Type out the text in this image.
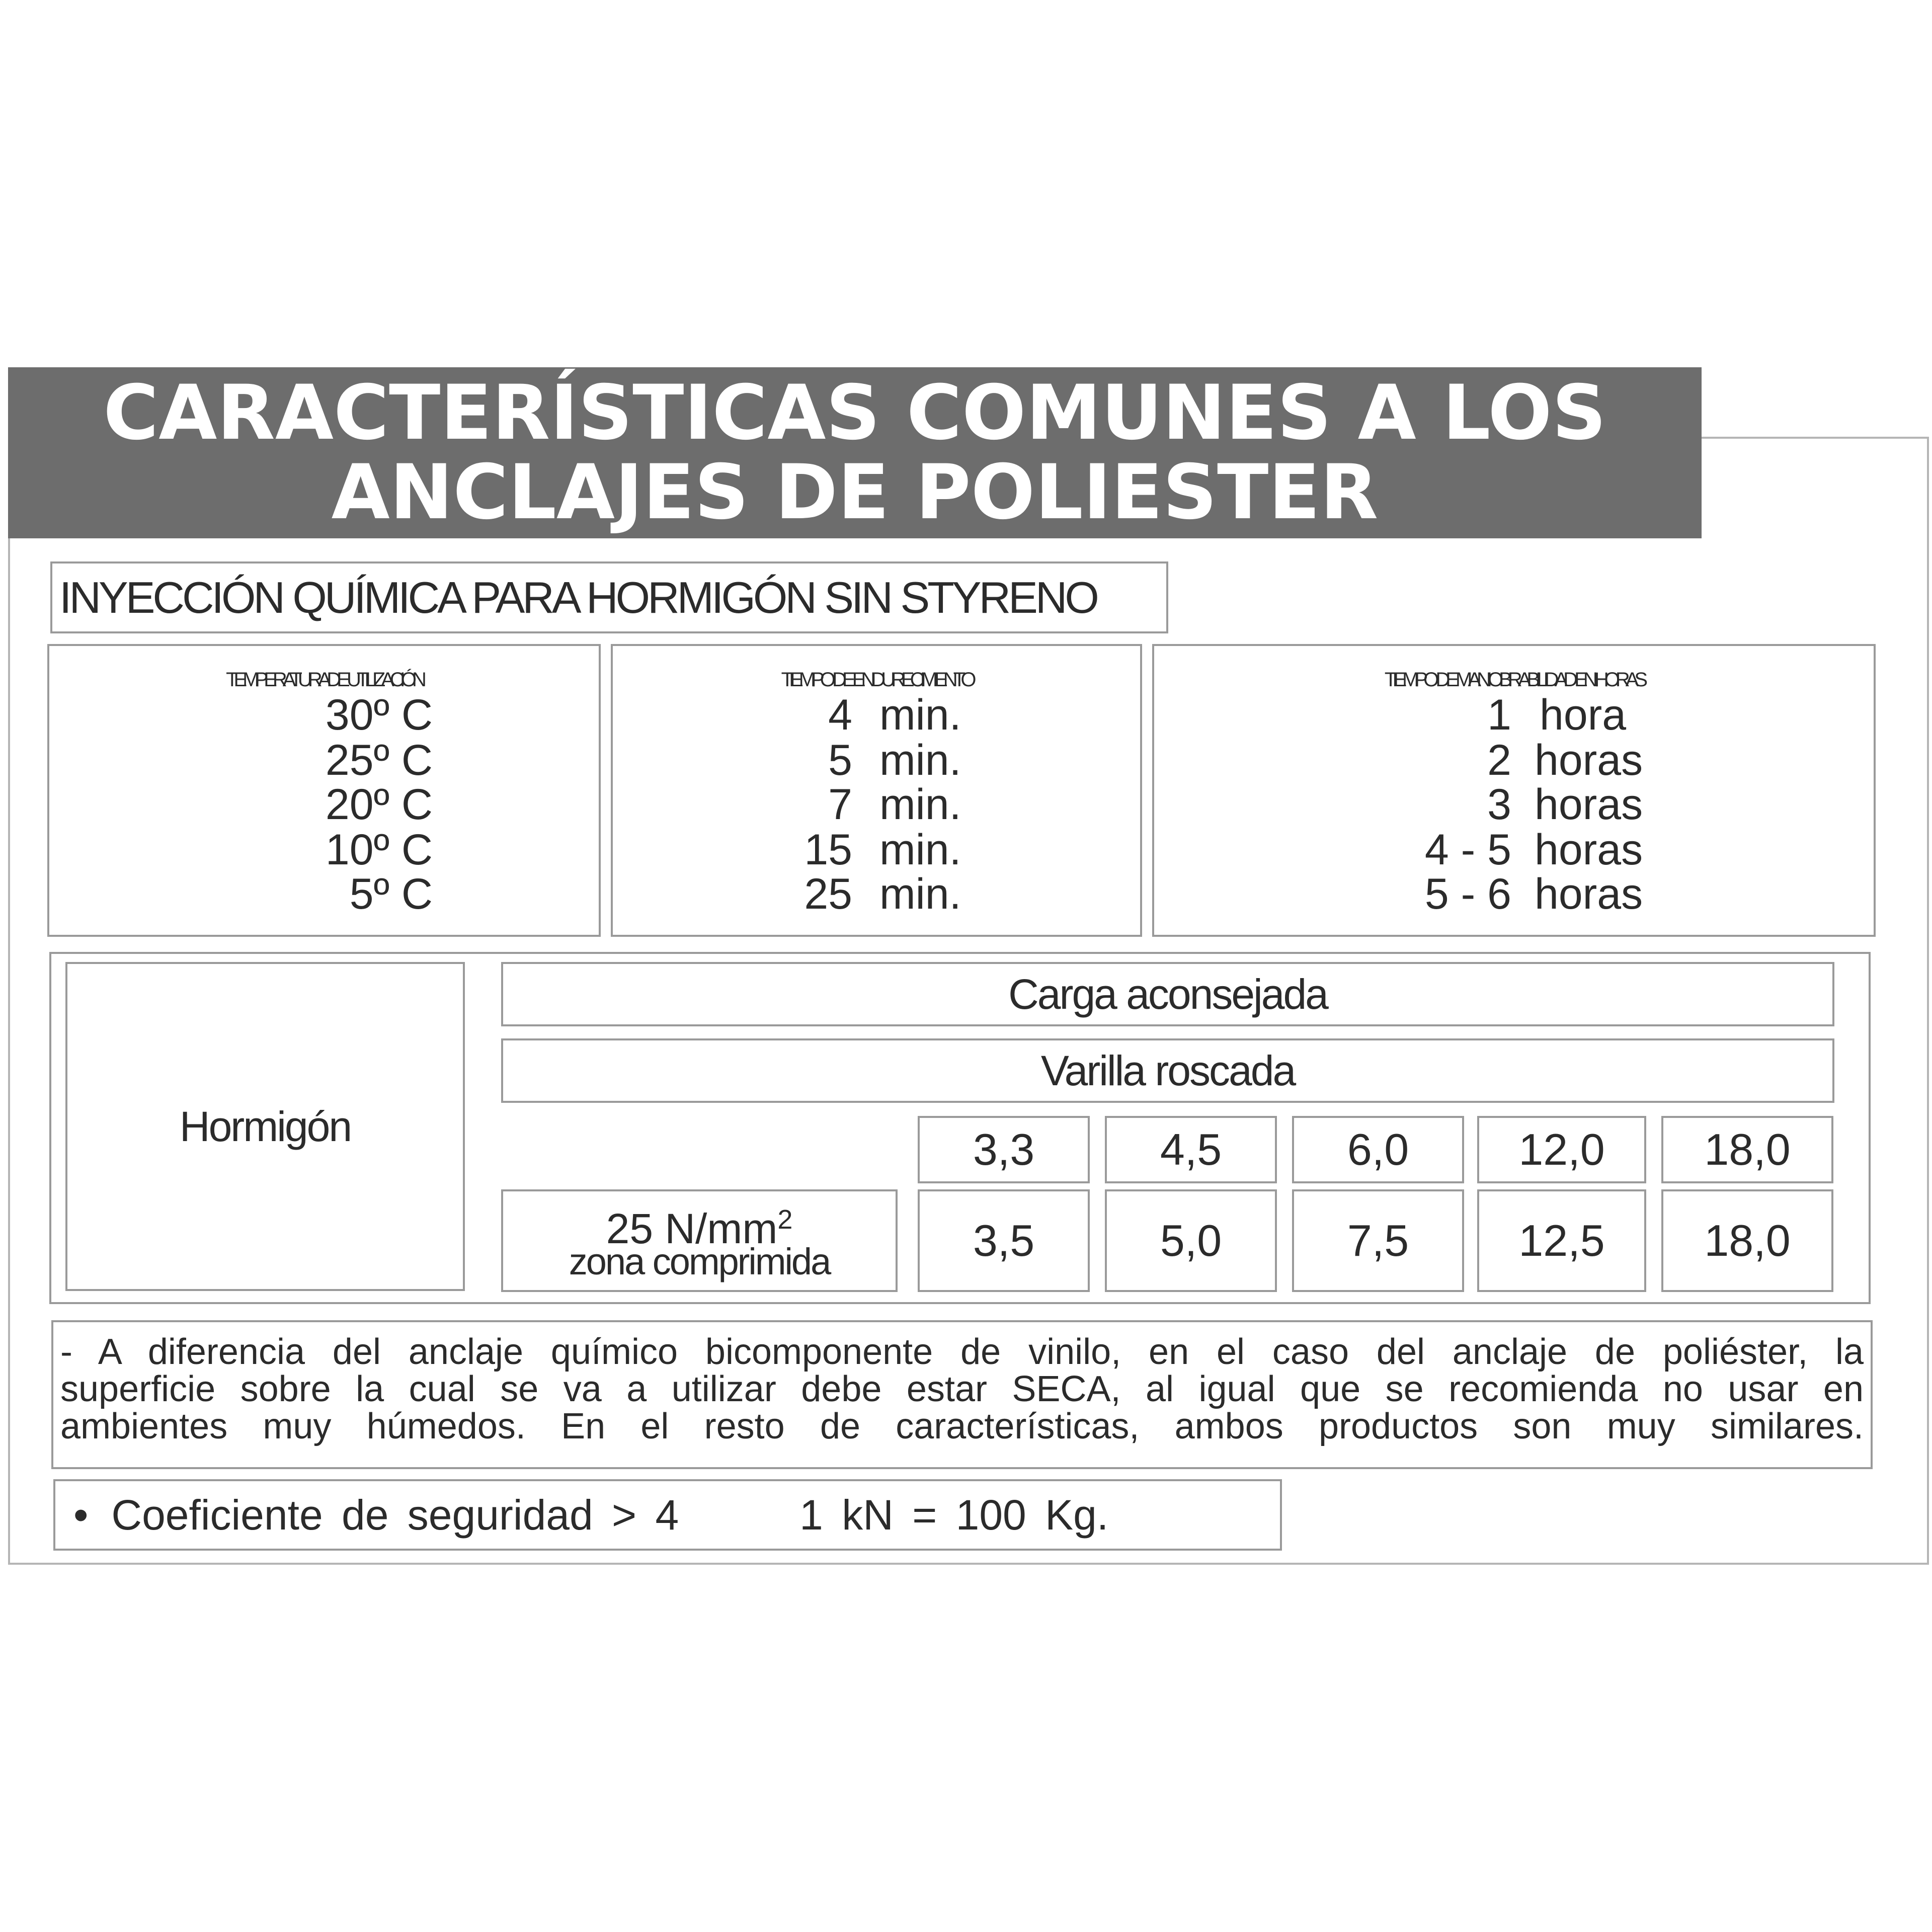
CARACTERÍSTICAS COMUNES A LOS
ANCLAJES DE POLIESTER
INYECCIÓN QUÍMICA PARA HORMIGÓN SIN STYRENO
TEMPERATURA DE UTILIZACIÓN
30º C
25º C
20º C
10º C
5º C
TIEMPO DE ENDURECIMIENTO
4 min.
5 min.
7 min.
15 min.
25 min.
TIEMPO DE MANIOBRABILIDAD EN HORAS
1 hora
2 horas
3 horas
4 - 5 horas
5 - 6 horas
Hormigón
Carga aconsejada
Varilla roscada
3,3	4,5	6,0 12,0 18,0
25 $N/mm^2$
zona comprimida	3,5	5,0	7,5 12,5 18,0
- A diferencia del anclaje químico bicomponente de vinilo, en el caso del anclaje de poliéster, la
superficie sobre la cual se va a utilizar debe estar SECA, al igual que se recomienda no usar en
ambientes muy húmedos. En el resto de características, ambos productos son muy similares.
• Coeficiente de seguridad > 4	1 kN = 100 Kg.
